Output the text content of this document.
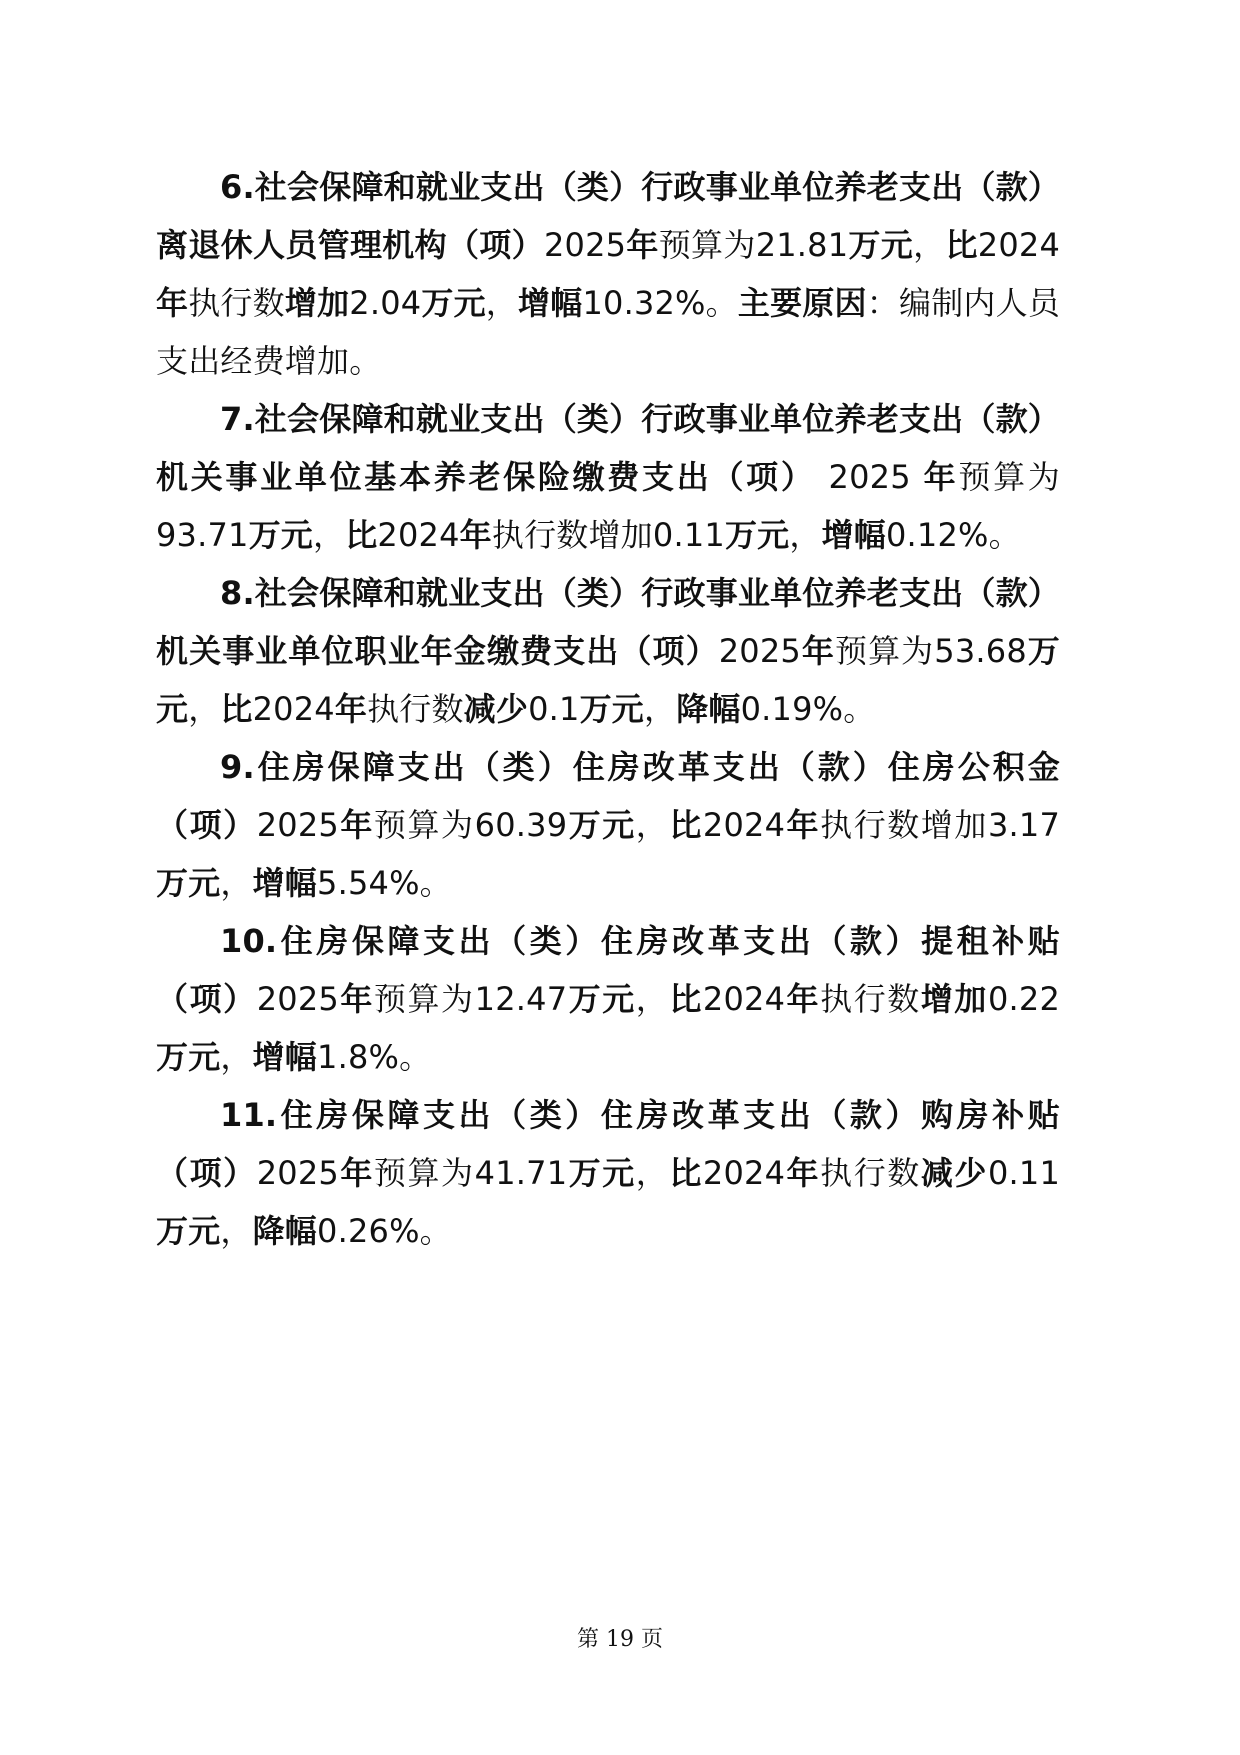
6.社会保障和就业支出（类）行政事业单位养老支出（款）离退休人员管理机构（项）2025年预算为21.81万元，比2024年执行数增加2.04万元，增幅10.32%。主要原因：编制内人员支出经费增加。

7.社会保障和就业支出（类）行政事业单位养老支出（款）机关事业单位基本养老保险缴费支出（项） 2025 年预算为93.71万元，比2024年执行数增加0.11万元，增幅0.12%。

8.社会保障和就业支出（类）行政事业单位养老支出（款）机关事业单位职业年金缴费支出（项）2025年预算为53.68万元，比2024年执行数减少0.1万元，降幅0.19%。

9.住房保障支出（类）住房改革支出（款）住房公积金（项）2025年预算为60.39万元，比2024年执行数增加3.17万元，增幅5.54%。

10.住房保障支出（类）住房改革支出（款）提租补贴（项）2025年预算为12.47万元，比2024年执行数增加0.22万元，增幅1.8%。

11.住房保障支出（类）住房改革支出（款）购房补贴（项）2025年预算为41.71万元，比2024年执行数减少0.11万元，降幅0.26%。

第 19 页
